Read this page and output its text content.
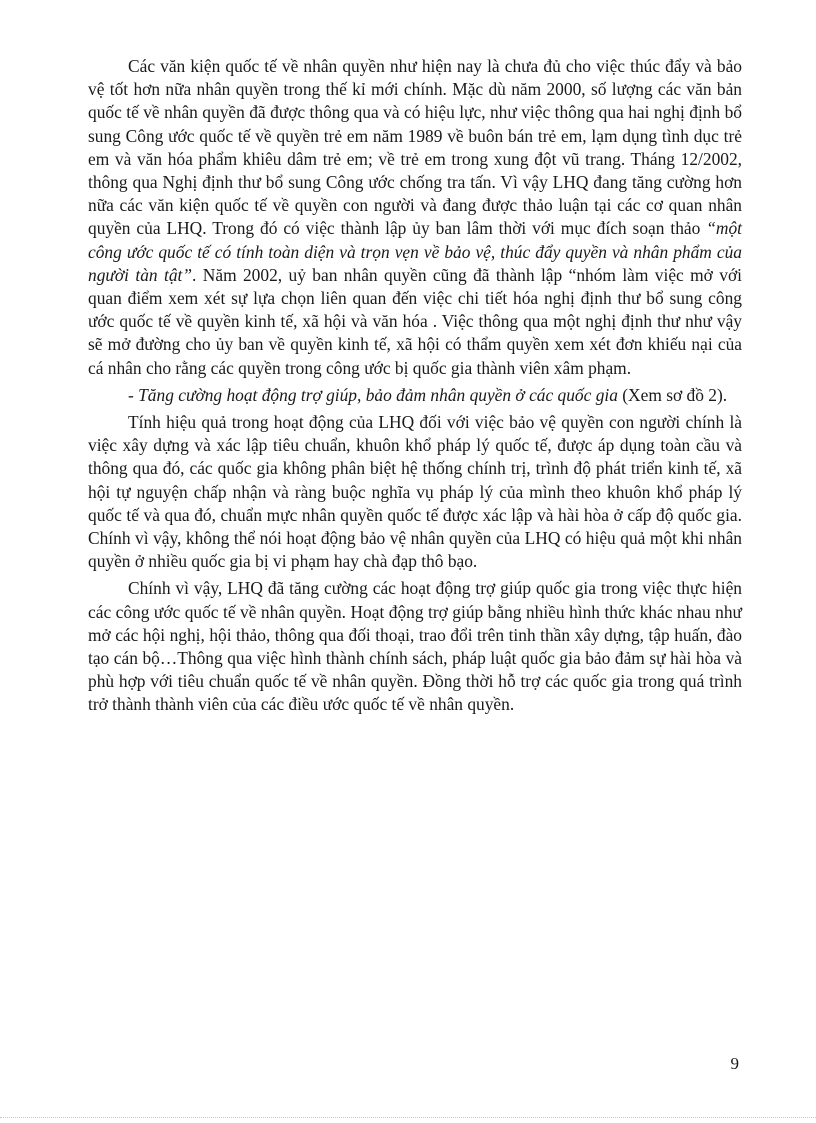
Các văn kiện quốc tế về nhân quyền như hiện nay là chưa đủ cho việc thúc đẩy và bảo vệ tốt hơn nữa nhân quyền trong thế kỉ mới chính. Mặc dù năm 2000, số lượng các văn bản quốc tế về nhân quyền đã được thông qua và có hiệu lực, như việc thông qua hai nghị định bổ sung Công ước quốc tế về quyền trẻ em năm 1989 về buôn bán trẻ em, lạm dụng tình dục trẻ em và văn hóa phẩm khiêu dâm trẻ em; về trẻ em trong xung đột vũ trang. Tháng 12/2002, thông qua Nghị định thư bổ sung Công ước chống tra tấn. Vì vậy LHQ đang tăng cường hơn nữa các văn kiện quốc tế về quyền con người và đang được thảo luận tại các cơ quan nhân quyền của LHQ. Trong đó có việc thành lập ủy ban lâm thời với mục đích soạn thảo “một công ước quốc tế có tính toàn diện và trọn vẹn về bảo vệ, thúc đẩy quyền và nhân phẩm của người tàn tật”. Năm 2002, uỷ ban nhân quyền cũng đã thành lập “nhóm làm việc mở với quan điểm xem xét sự lựa chọn liên quan đến việc chi tiết hóa nghị định thư bổ sung công ước quốc tế về quyền kinh tế, xã hội và văn hóa . Việc thông qua một nghị định thư như vậy sẽ mở đường cho ủy ban về quyền kinh tế, xã hội có thẩm quyền xem xét đơn khiếu nại của cá nhân cho rằng các quyền trong công ước bị quốc gia thành viên xâm phạm.

- Tăng cường hoạt động trợ giúp, bảo đảm nhân quyền ở các quốc gia (Xem sơ đồ 2).

Tính hiệu quả trong hoạt động của LHQ đối với việc bảo vệ quyền con người chính là việc xây dựng và xác lập tiêu chuẩn, khuôn khổ pháp lý quốc tế, được áp dụng toàn cầu và thông qua đó, các quốc gia không phân biệt hệ thống chính trị, trình độ phát triển kinh tế, xã hội tự nguyện chấp nhận và ràng buộc nghĩa vụ pháp lý của mình theo khuôn khổ pháp lý quốc tế và qua đó, chuẩn mực nhân quyền quốc tế được xác lập và hài hòa ở cấp độ quốc gia. Chính vì vậy, không thể nói hoạt động bảo vệ nhân quyền của LHQ có hiệu quả một khi nhân quyền ở nhiều quốc gia bị vi phạm hay chà đạp thô bạo.

Chính vì vậy, LHQ đã tăng cường các hoạt động trợ giúp quốc gia trong việc thực hiện các công ước quốc tế về nhân quyền. Hoạt động trợ giúp bằng nhiều hình thức khác nhau như mở các hội nghị, hội thảo, thông qua đối thoại, trao đổi trên tinh thần xây dựng, tập huấn, đào tạo cán bộ…Thông qua việc hình thành chính sách, pháp luật quốc gia bảo đảm sự hài hòa và phù hợp với tiêu chuẩn quốc tế về nhân quyền. Đồng thời hỗ trợ các quốc gia trong quá trình trở thành thành viên của các điều ước quốc tế về nhân quyền.

9
